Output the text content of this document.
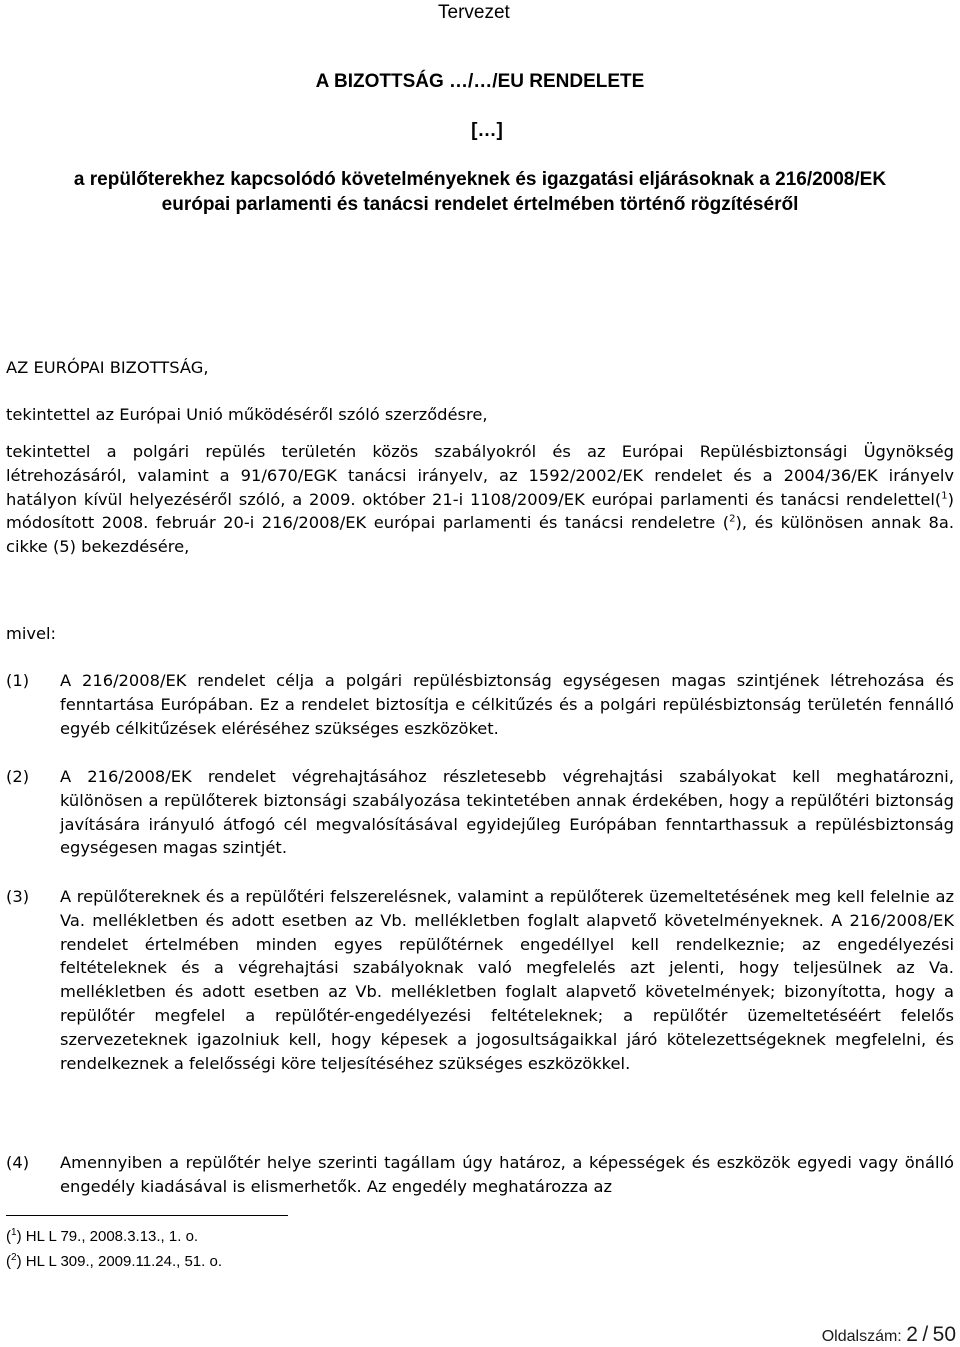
Tervezet
A BIZOTTSÁG …/…/EU RENDELETE
[…]
a repülőterekhez kapcsolódó követelményeknek és igazgatási eljárásoknak a 216/2008/EK európai parlamenti és tanácsi rendelet értelmében történő rögzítéséről
AZ EURÓPAI BIZOTTSÁG,
tekintettel az Európai Unió működéséről szóló szerződésre,
tekintettel a polgári repülés területén közös szabályokról és az Európai Repülésbiztonsági Ügynökség létrehozásáról, valamint a 91/670/EGK tanácsi irányelv, az 1592/2002/EK rendelet és a 2004/36/EK irányelv hatályon kívül helyezéséről szóló, a 2009. október 21-i 1108/2009/EK európai parlamenti és tanácsi rendelettel($^1$) módosított 2008. február 20-i 216/2008/EK európai parlamenti és tanácsi rendeletre ($^2$), és különösen annak 8a. cikke (5) bekezdésére,
mivel:
(1) A 216/2008/EK rendelet célja a polgári repülésbiztonság egységesen magas szintjének létrehozása és fenntartása Európában. Ez a rendelet biztosítja e célkitűzés és a polgári repülésbiztonság területén fennálló egyéb célkitűzések eléréséhez szükséges eszközöket.
(2) A 216/2008/EK rendelet végrehajtásához részletesebb végrehajtási szabályokat kell meghatározni, különösen a repülőterek biztonsági szabályozása tekintetében annak érdekében, hogy a repülőtéri biztonság javítására irányuló átfogó cél megvalósításával egyidejűleg Európában fenntarthassuk a repülésbiztonság egységesen magas szintjét.
(3) A repülőtereknek és a repülőtéri felszerelésnek, valamint a repülőterek üzemeltetésének meg kell felelnie az Va. mellékletben és adott esetben az Vb. mellékletben foglalt alapvető követelményeknek. A 216/2008/EK rendelet értelmében minden egyes repülőtérnek engedéllyel kell rendelkeznie; az engedélyezési feltételeknek és a végrehajtási szabályoknak való megfelelés azt jelenti, hogy teljesülnek az Va. mellékletben és adott esetben az Vb. mellékletben foglalt alapvető követelmények; bizonyította, hogy a repülőtér megfelel a repülőtér-engedélyezési feltételeknek; a repülőtér üzemeltetéséért felelős szervezeteknek igazolniuk kell, hogy képesek a jogosultságaikkal járó kötelezettségeknek megfelelni, és rendelkeznek a felelősségi köre teljesítéséhez szükséges eszközökkel.
(4) Amennyiben a repülőtér helye szerinti tagállam úgy határoz, a képességek és eszközök egyedi vagy önálló engedély kiadásával is elismerhetők. Az engedély meghatározza az
($^1$) HL L 79., 2008.3.13., 1. o.
($^2$) HL L 309., 2009.11.24., 51. o.
Oldalszám: 2 / 50
